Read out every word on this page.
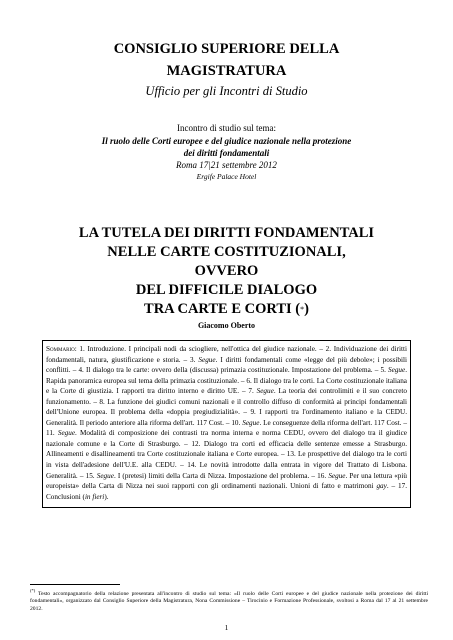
CONSIGLIO SUPERIORE DELLA
MAGISTRATURA
Ufficio per gli Incontri di Studio
Incontro di studio sul tema:
Il ruolo delle Corti europee e del giudice nazionale nella protezione
dei diritti fondamentali
Roma 17|21 settembre 2012
Ergife Palace Hotel
LA TUTELA DEI DIRITTI FONDAMENTALI
NELLE CARTE COSTITUZIONALI,
OVVERO
DEL DIFFICILE DIALOGO
TRA CARTE E CORTI (*)
Giacomo Oberto
Sommario: 1. Introduzione. I principali nodi da sciogliere, nell'ottica del giudice nazionale. – 2. Individuazione dei diritti fondamentali, natura, giustificazione e storia. – 3. Segue. I diritti fondamentali come «legge del più debole»; i possibili conflitti. – 4. Il dialogo tra le carte: ovvero della (discussa) primazia costituzionale. Impostazione del problema. – 5. Segue. Rapida panoramica europea sul tema della primazia costituzionale. – 6. Il dialogo tra le corti. La Corte costituzionale italiana e la Corte di giustizia. I rapporti tra diritto interno e diritto UE. – 7. Segue. La teoria dei controlimiti e il suo concreto funzionamento. – 8. La funzione dei giudici comuni nazionali e il controllo diffuso di conformità ai principi fondamentali dell'Unione europea. Il problema della «doppia pregiudizialità». – 9. I rapporti tra l'ordinamento italiano e la CEDU. Generalità. Il periodo anteriore alla riforma dell'art. 117 Cost. – 10. Segue. Le conseguenze della riforma dell'art. 117 Cost. – 11. Segue. Modalità di composizione dei contrasti tra norma interna e norma CEDU, ovvero del dialogo tra il giudice nazionale comune e la Corte di Strasburgo. – 12. Dialogo tra corti ed efficacia delle sentenze emesse a Strasburgo. Allineamenti e disallineamenti tra Corte costituzionale italiana e Corte europea. – 13. Le prospettive del dialogo tra le corti in vista dell'adesione dell'U.E. alla CEDU. – 14. Le novità introdotte dalla entrata in vigore del Trattato di Lisbona. Generalità. – 15. Segue. I (pretesi) limiti della Carta di Nizza. Impostazione del problema. – 16. Segue. Per una lettura «più europeista» della Carta di Nizza nei suoi rapporti con gli ordinamenti nazionali. Unioni di fatto e matrimoni gay. – 17. Conclusioni (in fieri).
(*) Testo accompagnatorio della relazione presentata all'incontro di studio sul tema: «Il ruolo delle Corti europee e del giudice nazionale nella protezione dei diritti fondamentali», organizzato dal Consiglio Superiore della Magistratura, Nona Commissione – Tirocinio e Formazione Professionale, svoltosi a Roma dal 17 al 21 settembre 2012.
1
